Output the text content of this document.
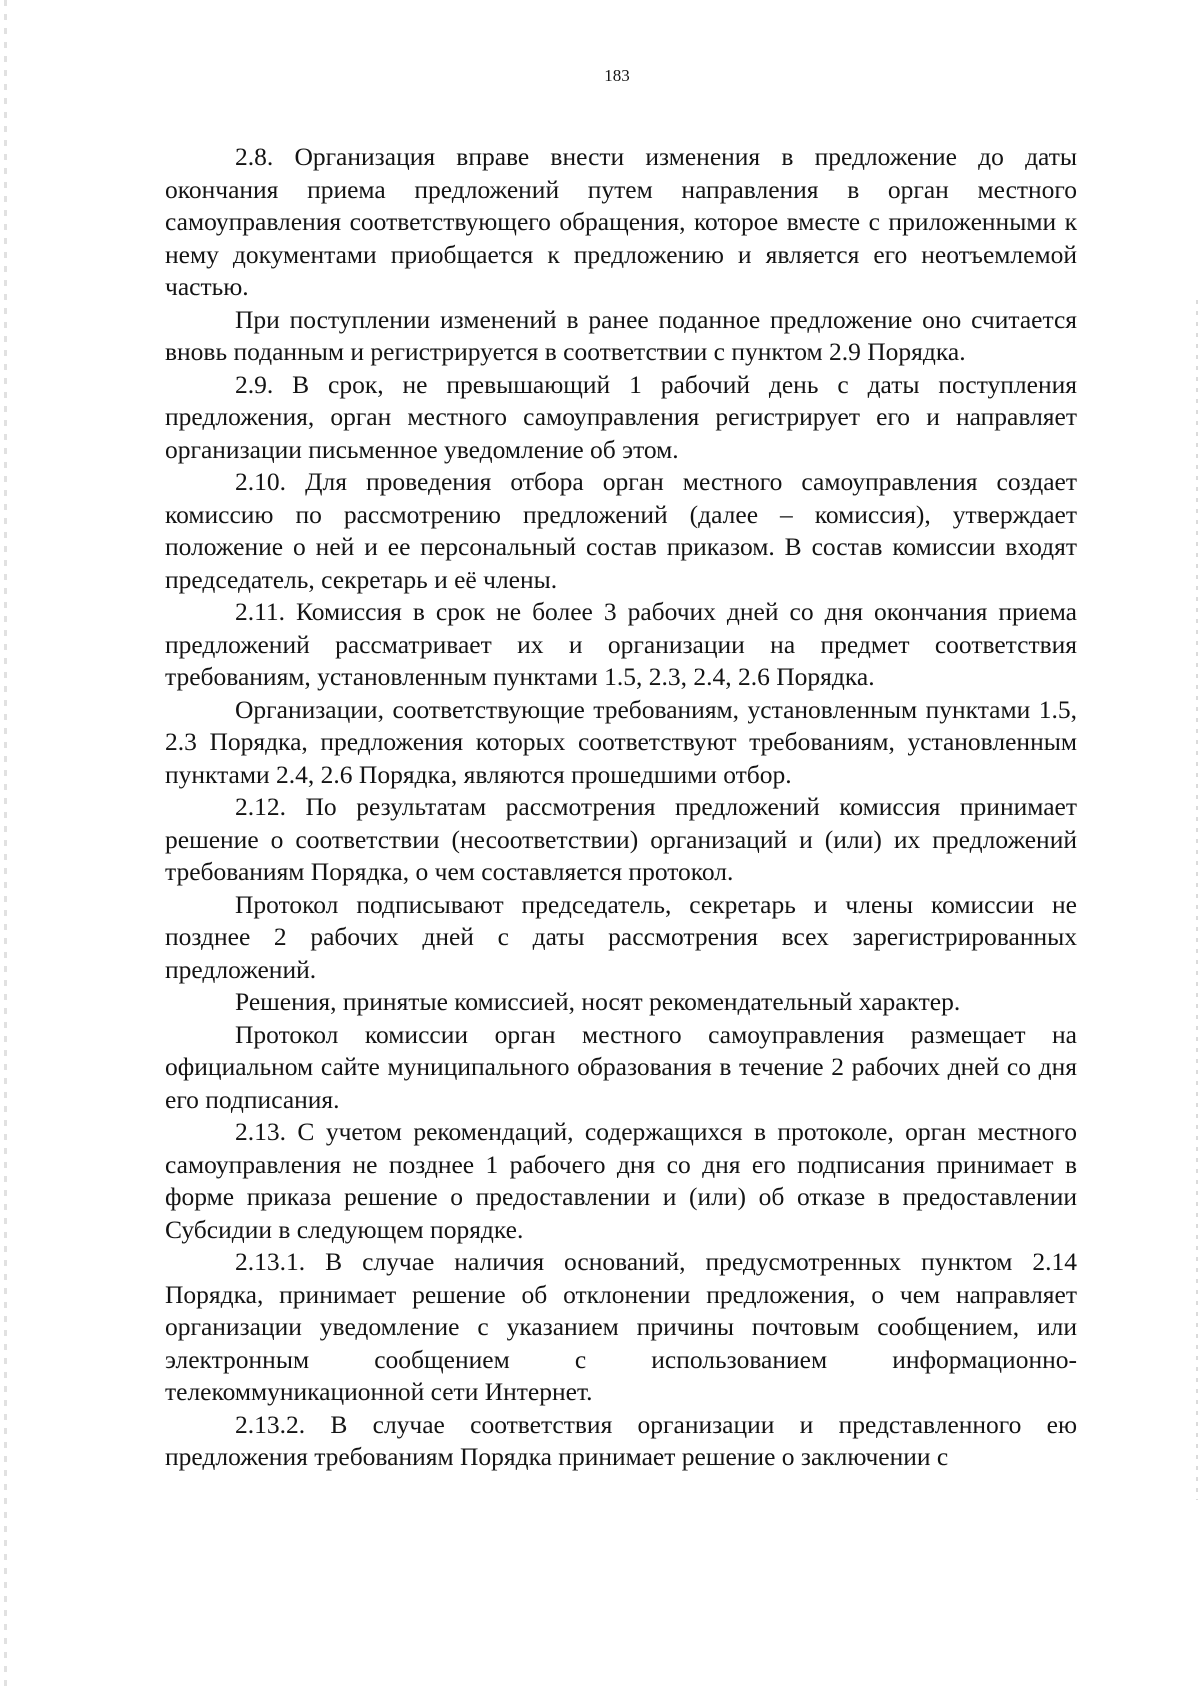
183

2.8. Организация вправе внести изменения в предложение до даты окончания приема предложений путем направления в орган местного самоуправления соответствующего обращения, которое вместе с приложенными к нему документами приобщается к предложению и является его неотъемлемой частью.

При поступлении изменений в ранее поданное предложение оно считается вновь поданным и регистрируется в соответствии с пунктом 2.9 Порядка.

2.9. В срок, не превышающий 1 рабочий день с даты поступления предложения, орган местного самоуправления регистрирует его и направляет организации письменное уведомление об этом.

2.10. Для проведения отбора орган местного самоуправления создает комиссию по рассмотрению предложений (далее – комиссия), утверждает положение о ней и ее персональный состав приказом. В состав комиссии входят председатель, секретарь и её члены.

2.11. Комиссия в срок не более 3 рабочих дней со дня окончания приема предложений рассматривает их и организации на предмет соответствия требованиям, установленным пунктами 1.5, 2.3, 2.4, 2.6 Порядка.

Организации, соответствующие требованиям, установленным пунктами 1.5, 2.3 Порядка, предложения которых соответствуют требованиям, установленным пунктами 2.4, 2.6 Порядка, являются прошедшими отбор.

2.12. По результатам рассмотрения предложений комиссия принимает решение о соответствии (несоответствии) организаций и (или) их предложений требованиям Порядка, о чем составляется протокол.

Протокол подписывают председатель, секретарь и члены комиссии не позднее 2 рабочих дней с даты рассмотрения всех зарегистрированных предложений.

Решения, принятые комиссией, носят рекомендательный характер.

Протокол комиссии орган местного самоуправления размещает на официальном сайте муниципального образования в течение 2 рабочих дней со дня его подписания.

2.13. С учетом рекомендаций, содержащихся в протоколе, орган местного самоуправления не позднее 1 рабочего дня со дня его подписания принимает в форме приказа решение о предоставлении и (или) об отказе в предоставлении Субсидии в следующем порядке.

2.13.1. В случае наличия оснований, предусмотренных пунктом 2.14 Порядка, принимает решение об отклонении предложения, о чем направляет организации уведомление с указанием причины почтовым сообщением, или электронным сообщением с использованием информационно-телекоммуникационной сети Интернет.

2.13.2. В случае соответствия организации и представленного ею предложения требованиям Порядка принимает решение о заключении с
